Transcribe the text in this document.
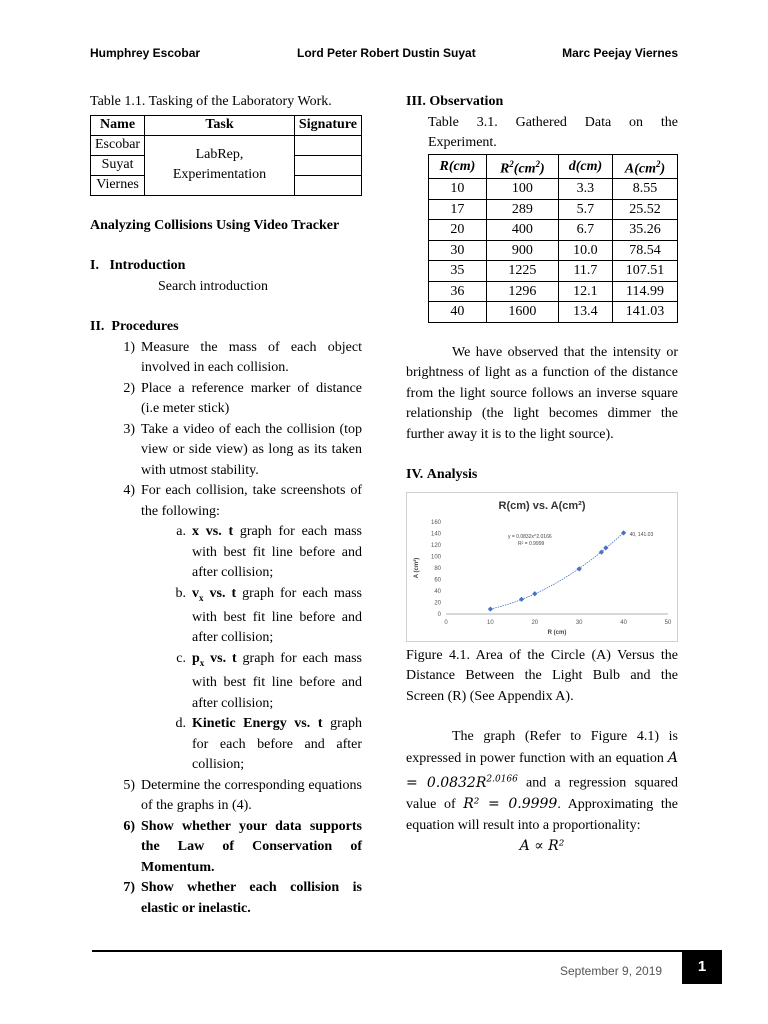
Humphrey Escobar	Lord Peter Robert Dustin Suyat	Marc Peejay Viernes

Table 1.1. Tasking of the Laboratory Work.

Name	Task	Signature
Escobar	LabRep, Experimentation	
Suyat		
Viernes		

Analyzing Collisions Using Video Tracker

I.   Introduction

Search introduction

II.  Procedures

1) Measure the mass of each object involved in each collision.
2) Place a reference marker of distance (i.e meter stick)
3) Take a video of each the collision (top view or side view) as long as its taken with utmost stability.
4) For each collision, take screenshots of the following:
a. x vs. t graph for each mass with best fit line before and after collision;
b. $v_x$ vs. t graph for each mass with best fit line before and after collision;
c. $p_x$ vs. t graph for each mass with best fit line before and after collision;
d. Kinetic Energy vs. t graph for each before and after collision;
5) Determine the corresponding equations of the graphs in (4).
6) Show whether your data supports the Law of Conservation of Momentum.
7) Show whether each collision is elastic or inelastic.

III. Observation

Table 3.1. Gathered Data on the Experiment.

R(cm)	$R^2(cm^2)$	d(cm)	$A(cm^2)$
10	100	3.3	8.55
17	289	5.7	25.52
20	400	6.7	35.26
30	900	10.0	78.54
35	1225	11.7	107.51
36	1296	12.1	114.99
40	1600	13.4	141.03

We have observed that the intensity or brightness of light as a function of the distance from the light source follows an inverse square relationship (the light becomes dimmer the further away it is to the light source).

IV. Analysis

R(cm) vs. A(cm²)
0	10	20	30	40	50
0
20
40
60
80
100
120
140
160
R (cm)
A (cm²)
y = 0.0832x^2.0166
R² = 0.9999
40, 141.03

Figure 4.1. Area of the Circle (A) Versus the Distance Between the Light Bulb and the Screen (R) (See Appendix A).

The graph (Refer to Figure 4.1) is expressed in power function with an equation $A = 0.0832R^{2.0166}$ and a regression squared value of R² = 0.9999. Approximating the equation will result into a proportionality:

A ∝ R²

September 9, 2019	1
